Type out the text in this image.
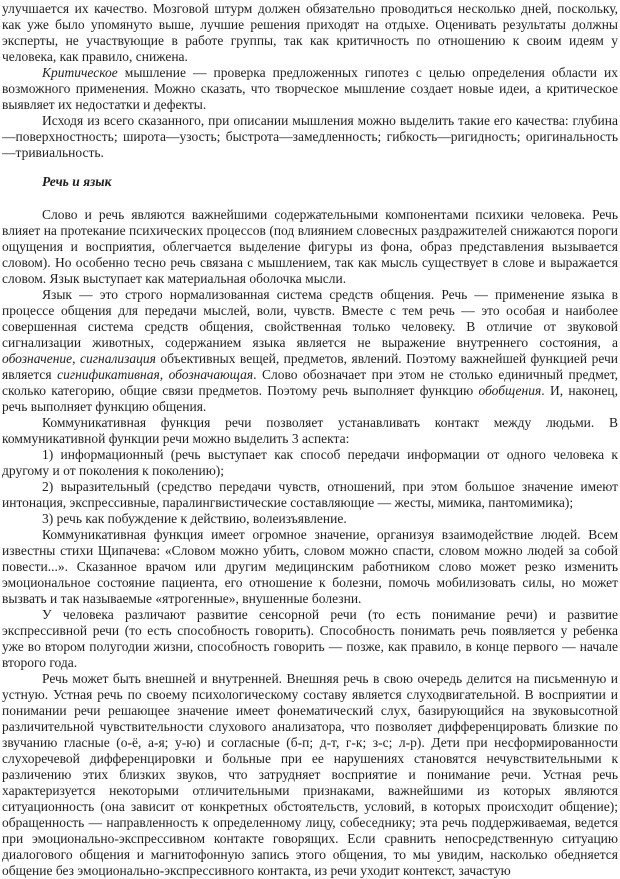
улучшается их качество. Мозговой штурм должен обязательно проводиться несколько дней, поскольку, как уже было упомянуто выше, лучшие решения приходят на отдыхе. Оценивать результаты должны эксперты, не участвующие в работе группы, так как критичность по отношению к своим идеям у человека, как правило, снижена.

Критическое мышление — проверка предложенных гипотез с целью определения области их возможного применения. Можно сказать, что творческое мышление создает новые идеи, а критическое выявляет их недостатки и дефекты.

Исходя из всего сказанного, при описании мышления можно выделить такие его качества: глубина—поверхностность; широта—узость; быстрота—замедленность; гибкость—ригидность; оригинальность—тривиальность.

Речь и язык

Слово и речь являются важнейшими содержательными компонентами психики человека. Речь влияет на протекание психических процессов (под влиянием словесных раздражителей снижаются пороги ощущения и восприятия, облегчается выделение фигуры из фона, образ представления вызывается словом). Но особенно тесно речь связана с мышлением, так как мысль существует в слове и выражается словом. Язык выступает как материальная оболочка мысли.

Язык — это строго нормализованная система средств общения. Речь — применение языка в процессе общения для передачи мыслей, воли, чувств. Вместе с тем речь — это особая и наиболее совершенная система средств общения, свойственная только человеку. В отличие от звуковой сигнализации животных, содержанием языка является не выражение внутреннего состояния, а обозначение, сигнализация объективных вещей, предметов, явлений. Поэтому важнейшей функцией речи является сигнификативная, обозначающая. Слово обозначает при этом не столько единичный предмет, сколько категорию, общие связи предметов. Поэтому речь выполняет функцию обобщения. И, наконец, речь выполняет функцию общения.

Коммуникативная функция речи позволяет устанавливать контакт между людьми. В коммуникативной функции речи можно выделить 3 аспекта:

1) информационный (речь выступает как способ передачи информации от одного человека к другому и от поколения к поколению);

2) выразительный (средство передачи чувств, отношений, при этом большое значение имеют интонация, экспрессивные, паралингвистические составляющие — жесты, мимика, пантомимика);

3) речь как побуждение к действию, волеизъявление.

Коммуникативная функция имеет огромное значение, организуя взаимодействие людей. Всем известны стихи Щипачева: «Словом можно убить, словом можно спасти, словом можно людей за собой повести...». Сказанное врачом или другим медицинским работником слово может резко изменить эмоциональное состояние пациента, его отношение к болезни, помочь мобилизовать силы, но может вызвать и так называемые «ятрогенные», внушенные болезни.

У человека различают развитие сенсорной речи (то есть понимание речи) и развитие экспрессивной речи (то есть способность говорить). Способность понимать речь появляется у ребенка уже во втором полугодии жизни, способность говорить — позже, как правило, в конце первого — начале второго года.

Речь может быть внешней и внутренней. Внешняя речь в свою очередь делится на письменную и устную. Устная речь по своему психологическому составу является слуходвигательной. В восприятии и понимании речи решающее значение имеет фонематический слух, базирующийся на звуковысотной различительной чувствительности слухового анализатора, что позволяет дифференцировать близкие по звучанию гласные (о-ё, а-я; у-ю) и согласные (б-п; д-т, г-к; з-с; л-р). Дети при несформированности слухоречевой дифференцировки и больные при ее нарушениях становятся нечувствительными к различению этих близких звуков, что затрудняет восприятие и понимание речи. Устная речь характеризуется некоторыми отличительными признаками, важнейшими из которых являются ситуационность (она зависит от конкретных обстоятельств, условий, в которых происходит общение); обращенность — направленность к определенному лицу, собеседнику; эта речь поддерживаемая, ведется при эмоционально-экспрессивном контакте говорящих. Если сравнить непосредственную ситуацию диалогового общения и магнитофонную запись этого общения, то мы увидим, насколько обедняется общение без эмоционально-экспрессивного контакта, из речи уходит контекст, зачастую
